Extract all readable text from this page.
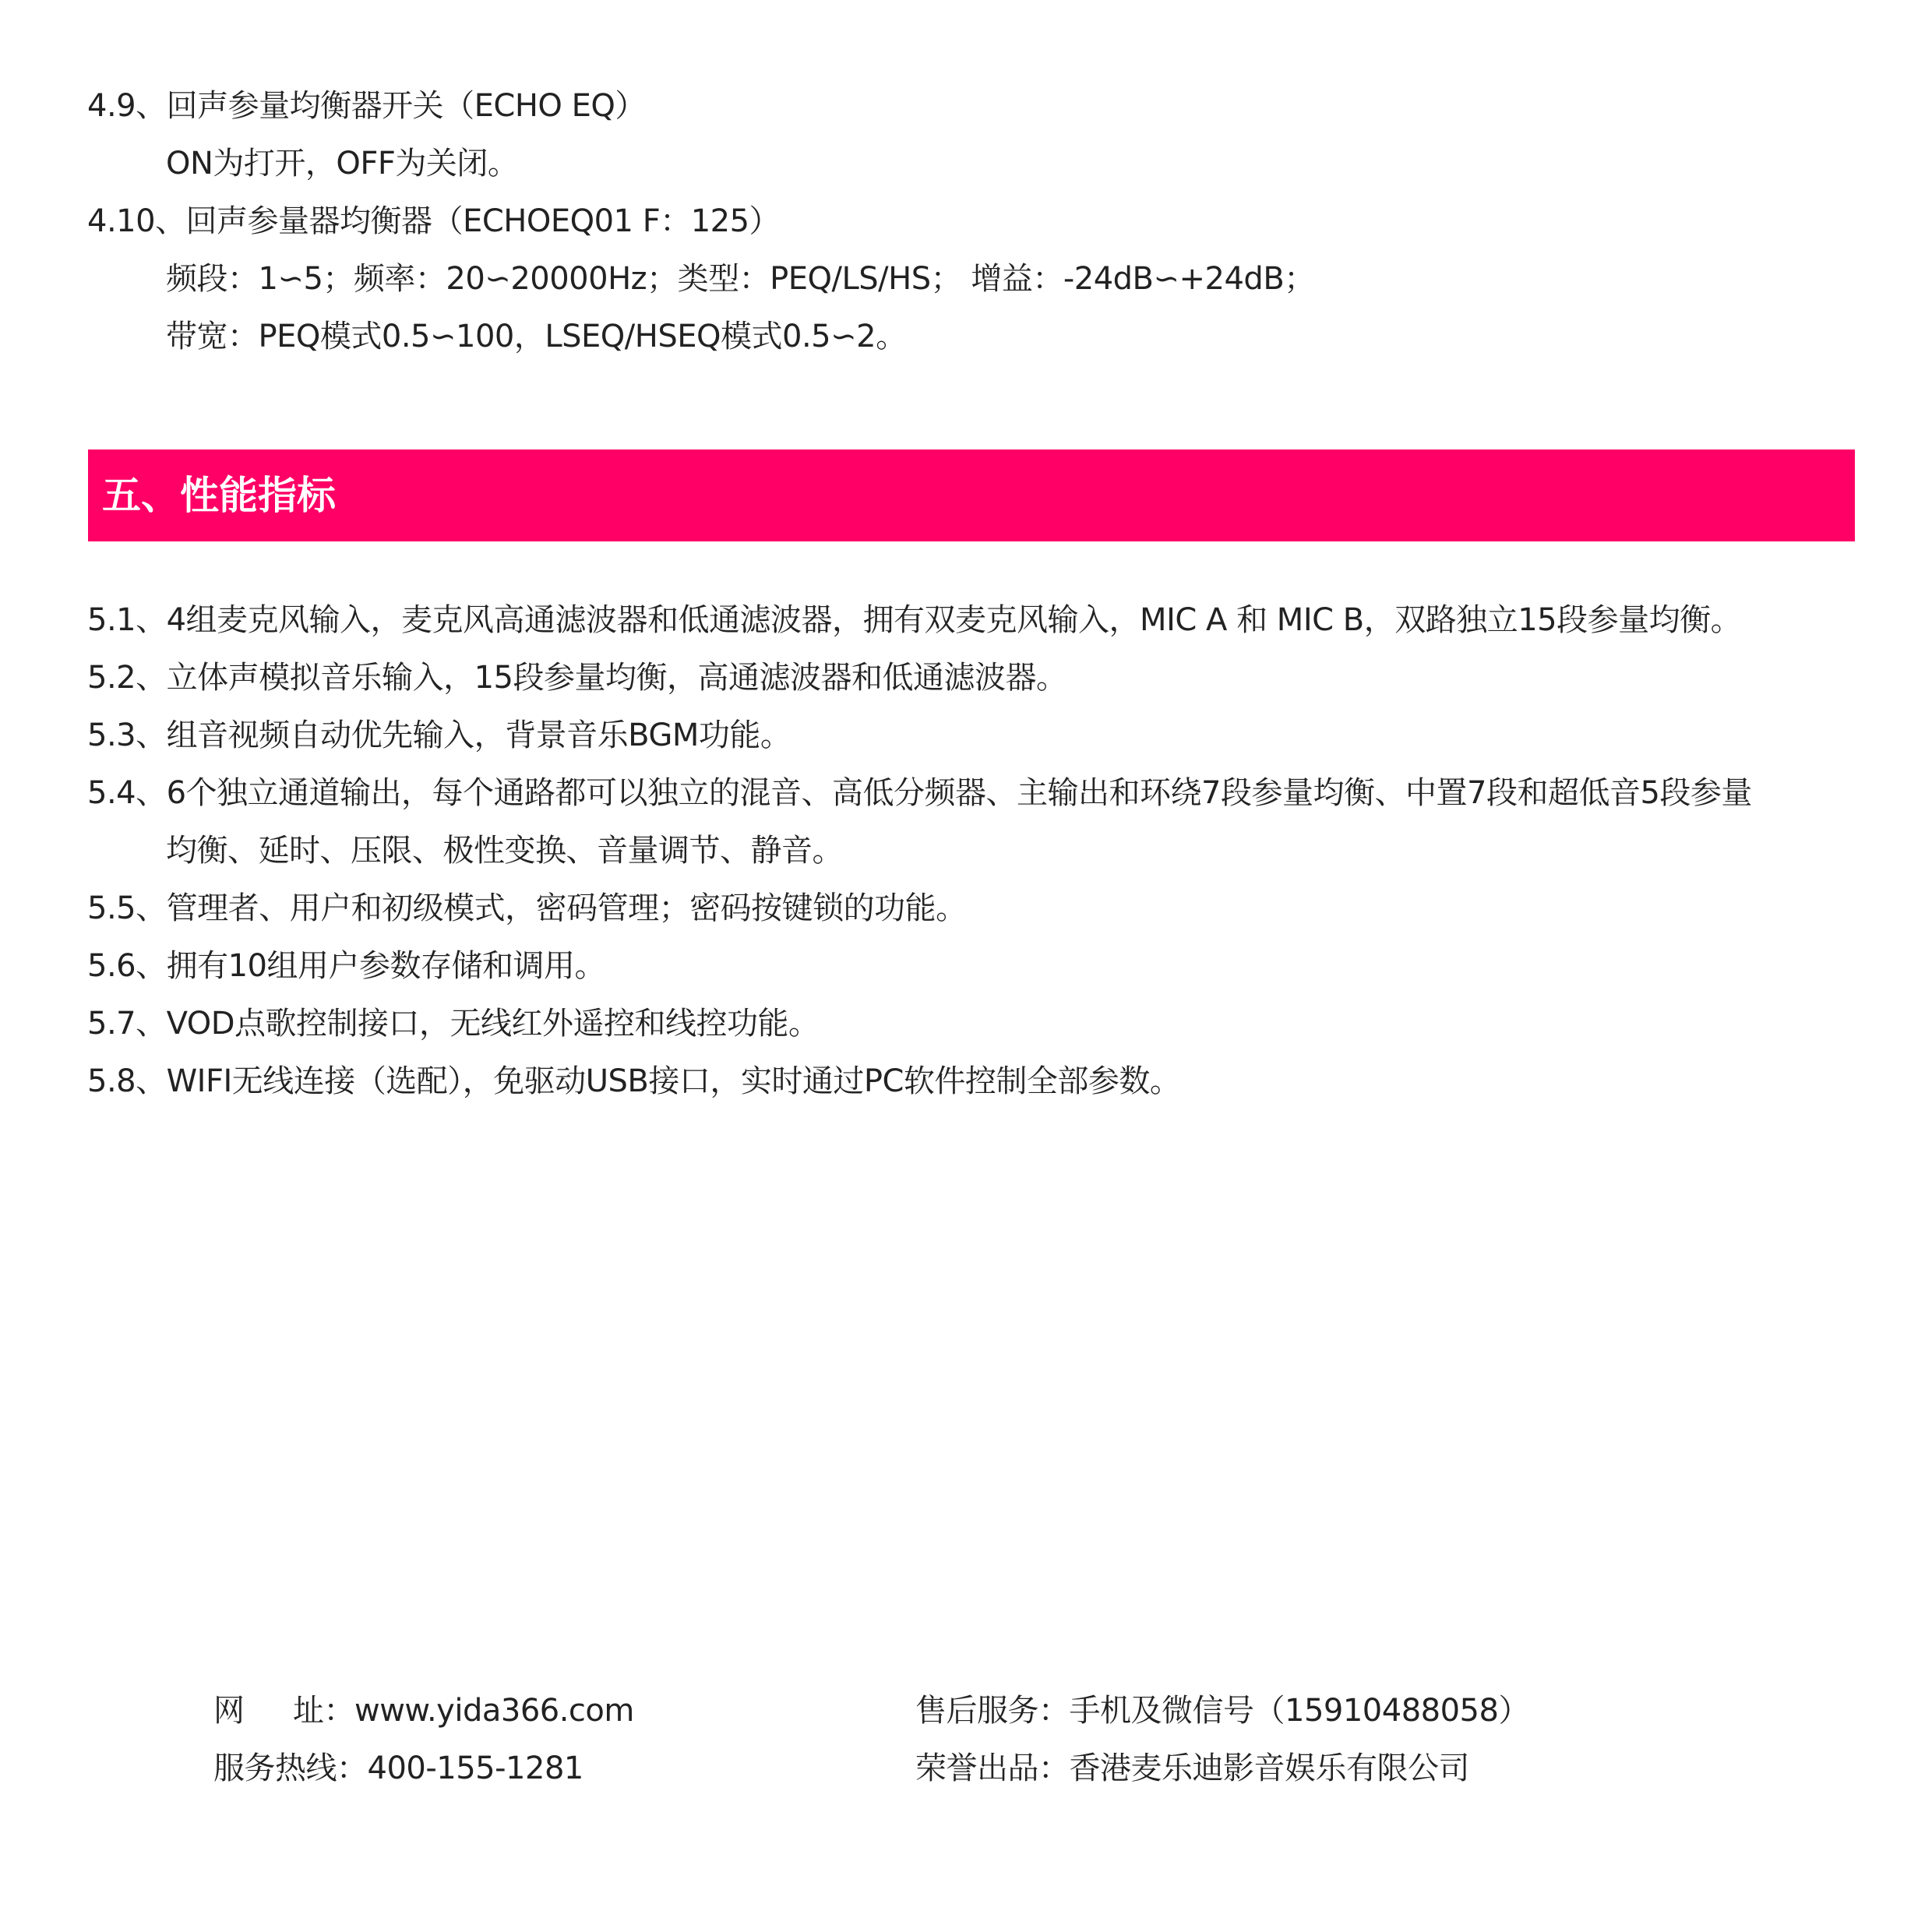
4.9、回声参量均衡器开关（ECHO EQ）
ON为打开，OFF为关闭。
4.10、回声参量器均衡器（ECHOEQ01 F：125）
频段：1∽5；频率：20∽20000Hz；类型：PEQ/LS/HS； 增益：-24dB∽+24dB；
带宽：PEQ模式0.5∽100，LSEQ/HSEQ模式0.5∽2。
五、性能指标
5.1、4组麦克风输入，麦克风高通滤波器和低通滤波器，拥有双麦克风输入，MIC A 和 MIC B，双路独立15段参量均衡。
5.2、立体声模拟音乐输入，15段参量均衡，高通滤波器和低通滤波器。
5.3、组音视频自动优先输入，背景音乐BGM功能。
5.4、6个独立通道输出，每个通路都可以独立的混音、高低分频器、主输出和环绕7段参量均衡、中置7段和超低音5段参量
均衡、延时、压限、极性变换、音量调节、静音。
5.5、管理者、用户和初级模式，密码管理；密码按键锁的功能。
5.6、拥有10组用户参数存储和调用。
5.7、VOD点歌控制接口，无线红外遥控和线控功能。
5.8、WIFI无线连接（选配），免驱动USB接口，实时通过PC软件控制全部参数。
网址：www.yida366.com
服务热线：400-155-1281
售后服务：手机及微信号（15910488058）
荣誉出品：香港麦乐迪影音娱乐有限公司
